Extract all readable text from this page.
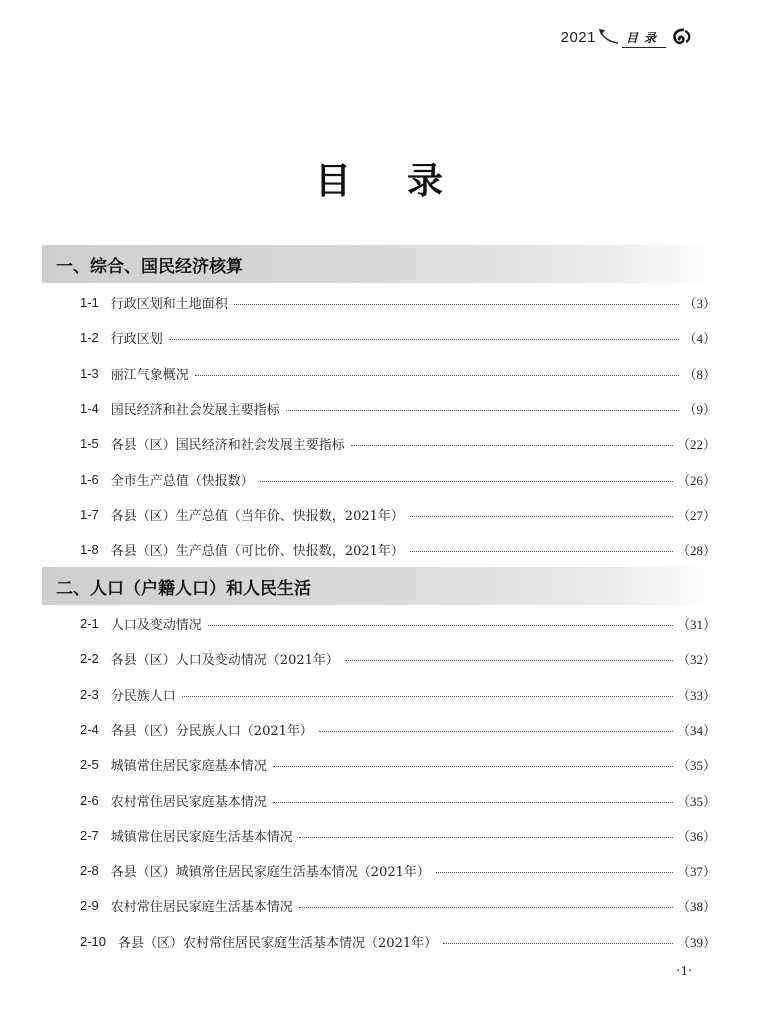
2021	目录
目录
一、综合、国民经济核算
1-1 行政区划和土地面积	（3）
1-2 行政区划	（4）
1-3 丽江气象概况	（8）
1-4 国民经济和社会发展主要指标	（9）
1-5 各县（区）国民经济和社会发展主要指标	（22）
1-6 全市生产总值（快报数）	（26）
1-7 各县（区）生产总值（当年价、快报数，2021年）	（27）
1-8 各县（区）生产总值（可比价、快报数，2021年）	（28）
二、人口（户籍人口）和人民生活
2-1 人口及变动情况	（31）
2-2 各县（区）人口及变动情况（2021年）	（32）
2-3 分民族人口	（33）
2-4 各县（区）分民族人口（2021年）	（34）
2-5 城镇常住居民家庭基本情况	（35）
2-6 农村常住居民家庭基本情况	（35）
2-7 城镇常住居民家庭生活基本情况	（36）
2-8 各县（区）城镇常住居民家庭生活基本情况（2021年）	（37）
2-9 农村常住居民家庭生活基本情况	（38）
2-10 各县（区）农村常住居民家庭生活基本情况（2021年）	（39）
·1·
